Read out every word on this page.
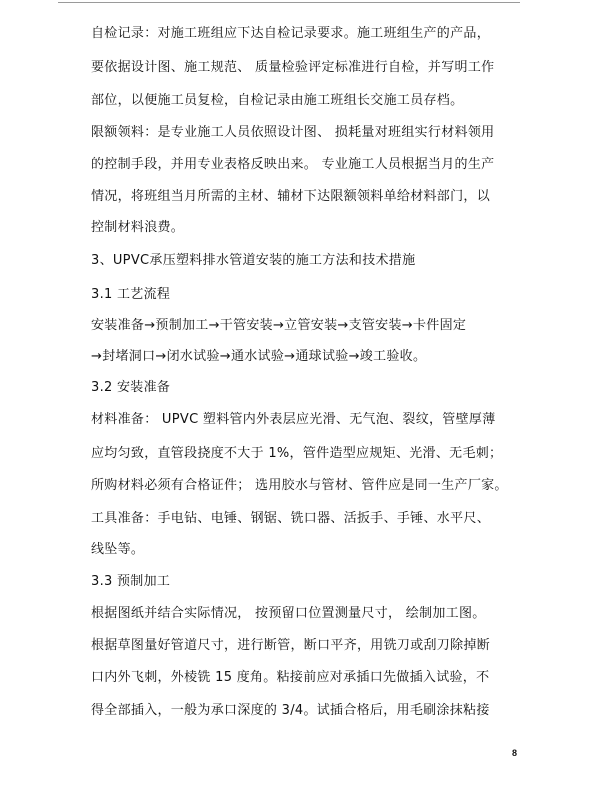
自检记录：对施工班组应下达自检记录要求。施工班组生产的产品，
要依据设计图、施工规范、 质量检验评定标准进行自检，并写明工作
部位，以便施工员复检，自检记录由施工班组长交施工员存档。
限额领料：是专业施工人员依照设计图、 损耗量对班组实行材料领用
的控制手段，并用专业表格反映出来。 专业施工人员根据当月的生产
情况，将班组当月所需的主材、辅材下达限额领料单给材料部门，以
控制材料浪费。
3、UPVC承压塑料排水管道安装的施工方法和技术措施
3.1 工艺流程
安装准备→预制加工→干管安装→立管安装→支管安装→卡件固定
→封堵洞口→闭水试验→通水试验→通球试验→竣工验收。
3.2 安装准备
材料准备： UPVC 塑料管内外表层应光滑、无气泡、裂纹，管壁厚薄
应均匀致，直管段挠度不大于 1%，管件造型应规矩、光滑、无毛刺；
所购材料必须有合格证件； 选用胶水与管材、管件应是同一生产厂家。
工具准备：手电钻、电锤、钢锯、铣口器、活扳手、手锤、水平尺、
线坠等。
3.3 预制加工
根据图纸并结合实际情况， 按预留口位置测量尺寸， 绘制加工图。
根据草图量好管道尺寸，进行断管，断口平齐，用铣刀或刮刀除掉断
口内外飞刺，外棱铣 15 度角。粘接前应对承插口先做插入试验，不
得全部插入，一般为承口深度的 3/4。试插合格后，用毛刷涂抹粘接
8
